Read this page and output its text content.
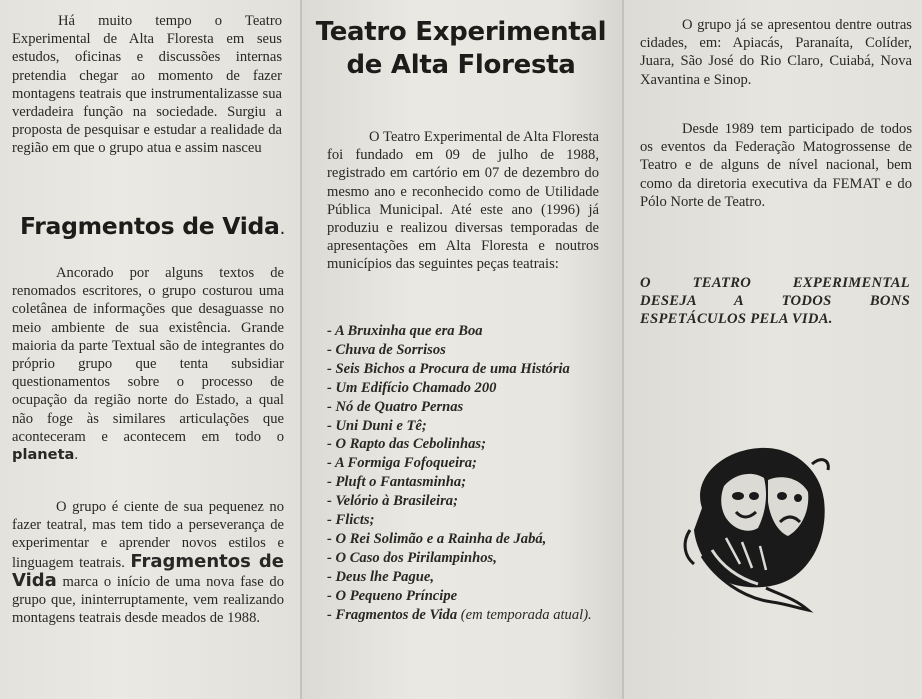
Há muito tempo o Teatro Experimental de Alta Floresta em seus estudos, oficinas e discussões internas pretendia chegar ao momento de fazer montagens teatrais que instrumentalizasse sua verdadeira função na sociedade. Surgiu a proposta de pesquisar e estudar a realidade da região em que o grupo atua e assim nasceu

Fragmentos de Vida.

Ancorado por alguns textos de renomados escritores, o grupo costurou uma coletânea de informações que desaguasse no meio ambiente de sua existência. Grande maioria da parte Textual são de integrantes do próprio grupo que tenta subsidiar questionamentos sobre o processo de ocupação da região norte do Estado, a qual não foge às similares articulações que aconteceram e acontecem em todo o planeta.

O grupo é ciente de sua pequenez no fazer teatral, mas tem tido a perseverança de experimentar e aprender novos estilos e linguagem teatrais. Fragmentos de Vida marca o início de uma nova fase do grupo que, ininterruptamente, vem realizando montagens teatrais desde meados de 1988.

Teatro Experimental
de Alta Floresta

O Teatro Experimental de Alta Floresta foi fundado em 09 de julho de 1988, registrado em cartório em 07 de dezembro do mesmo ano e reconhecido como de Utilidade Pública Municipal. Até este ano (1996) já produziu e realizou diversas temporadas de apresentações em Alta Floresta e noutros municípios das seguintes peças teatrais:

- A Bruxinha que era Boa
- Chuva de Sorrisos
- Seis Bichos a Procura de uma História
- Um Edifício Chamado 200
- Nó de Quatro Pernas
- Uni Duni e Tê;
- O Rapto das Cebolinhas;
- A Formiga Fofoqueira;
- Pluft o Fantasminha;
- Velório à Brasileira;
- Flicts;
- O Rei Solimão e a Rainha de Jabá,
- O Caso dos Pirilampinhos,
- Deus lhe Pague,
- O Pequeno Príncipe
- Fragmentos de Vida (em temporada atual).

O grupo já se apresentou dentre outras cidades, em: Apiacás, Paranaíta, Colíder, Juara, São José do Rio Claro, Cuiabá, Nova Xavantina e Sinop.

Desde 1989 tem participado de todos os eventos da Federação Matogrossense de Teatro e de alguns de nível nacional, bem como da diretoria executiva da FEMAT e do Pólo Norte de Teatro.

O TEATRO EXPERIMENTAL
DESEJA A TODOS BONS
ESPETÁCULOS PELA VIDA.
